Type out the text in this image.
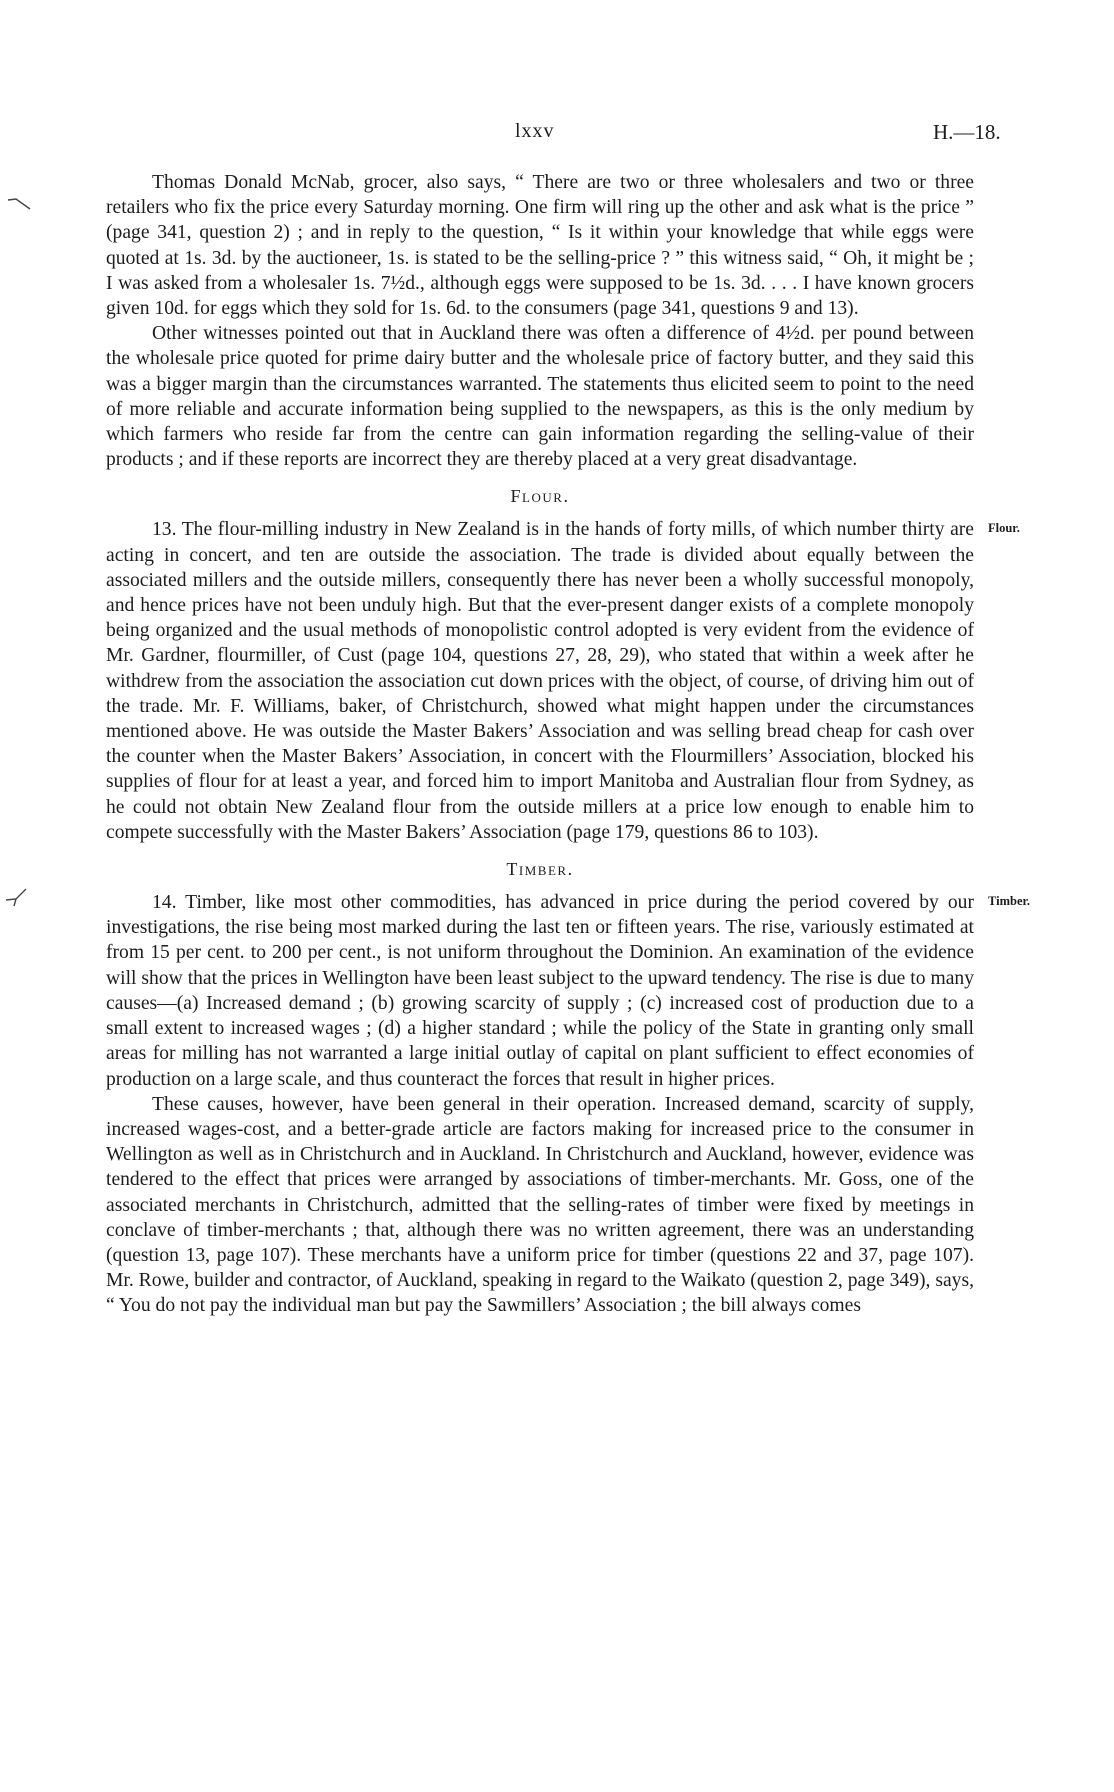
lxxv	H.—18.

Thomas Donald McNab, grocer, also says, “ There are two or three wholesalers and two or three retailers who fix the price every Saturday morning. One firm will ring up the other and ask what is the price ” (page 341, question 2) ; and in reply to the question, “ Is it within your knowledge that while eggs were quoted at 1s. 3d. by the auctioneer, 1s. is stated to be the selling-price ? ” this witness said, “ Oh, it might be ; I was asked from a wholesaler 1s. 7½d., although eggs were supposed to be 1s. 3d. . . . I have known grocers given 10d. for eggs which they sold for 1s. 6d. to the consumers (page 341, questions 9 and 13).

Other witnesses pointed out that in Auckland there was often a difference of 4½d. per pound between the wholesale price quoted for prime dairy butter and the wholesale price of factory butter, and they said this was a bigger margin than the circumstances warranted. The statements thus elicited seem to point to the need of more reliable and accurate information being supplied to the newspapers, as this is the only medium by which farmers who reside far from the centre can gain information regarding the selling-value of their products ; and if these reports are incorrect they are thereby placed at a very great disadvantage.

Flour.
Flour.

13. The flour-milling industry in New Zealand is in the hands of forty mills, of which number thirty are acting in concert, and ten are outside the association. The trade is divided about equally between the associated millers and the outside millers, consequently there has never been a wholly successful monopoly, and hence prices have not been unduly high. But that the ever-present danger exists of a complete monopoly being organized and the usual methods of monopolistic control adopted is very evident from the evidence of Mr. Gardner, flourmiller, of Cust (page 104, questions 27, 28, 29), who stated that within a week after he withdrew from the association the association cut down prices with the object, of course, of driving him out of the trade. Mr. F. Williams, baker, of Christchurch, showed what might happen under the circumstances mentioned above. He was outside the Master Bakers’ Association and was selling bread cheap for cash over the counter when the Master Bakers’ Association, in concert with the Flourmillers’ Association, blocked his supplies of flour for at least a year, and forced him to import Manitoba and Australian flour from Sydney, as he could not obtain New Zealand flour from the outside millers at a price low enough to enable him to compete successfully with the Master Bakers’ Association (page 179, questions 86 to 103).

Timber.
Timber.

14. Timber, like most other commodities, has advanced in price during the period covered by our investigations, the rise being most marked during the last ten or fifteen years. The rise, variously estimated at from 15 per cent. to 200 per cent., is not uniform throughout the Dominion. An examination of the evidence will show that the prices in Wellington have been least subject to the upward tendency. The rise is due to many causes—(a) Increased demand ; (b) growing scarcity of supply ; (c) increased cost of production due to a small extent to increased wages ; (d) a higher standard ; while the policy of the State in granting only small areas for milling has not warranted a large initial outlay of capital on plant sufficient to effect economies of production on a large scale, and thus counteract the forces that result in higher prices.

These causes, however, have been general in their operation. Increased demand, scarcity of supply, increased wages-cost, and a better-grade article are factors making for increased price to the consumer in Wellington as well as in Christchurch and in Auckland. In Christchurch and Auckland, however, evidence was tendered to the effect that prices were arranged by associations of timber-merchants. Mr. Goss, one of the associated merchants in Christchurch, admitted that the selling-rates of timber were fixed by meetings in conclave of timber-merchants ; that, although there was no written agreement, there was an understanding (question 13, page 107). These merchants have a uniform price for timber (questions 22 and 37, page 107). Mr. Rowe, builder and contractor, of Auckland, speaking in regard to the Waikato (question 2, page 349), says, “ You do not pay the individual man but pay the Sawmillers’ Association ; the bill always comes
